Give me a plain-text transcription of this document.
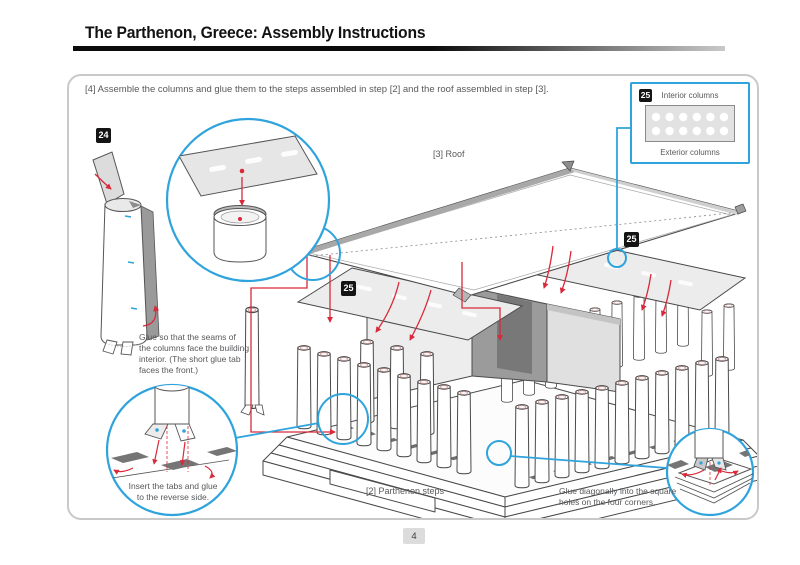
The Parthenon, Greece: Assembly Instructions
[4] Assemble the columns and glue them to the steps assembled in step [2] and the roof assembled in step [3].
24
25
25
[3] Roof
[2] Parthenon steps
Glue so that the seams of
the columns face the building
interior. (The short glue tab
faces the front.)
Insert the tabs and glue
to the reverse side.
Glue diagonally into the square
holes on the four corners.
25	Interior columns
Exterior columns
4
